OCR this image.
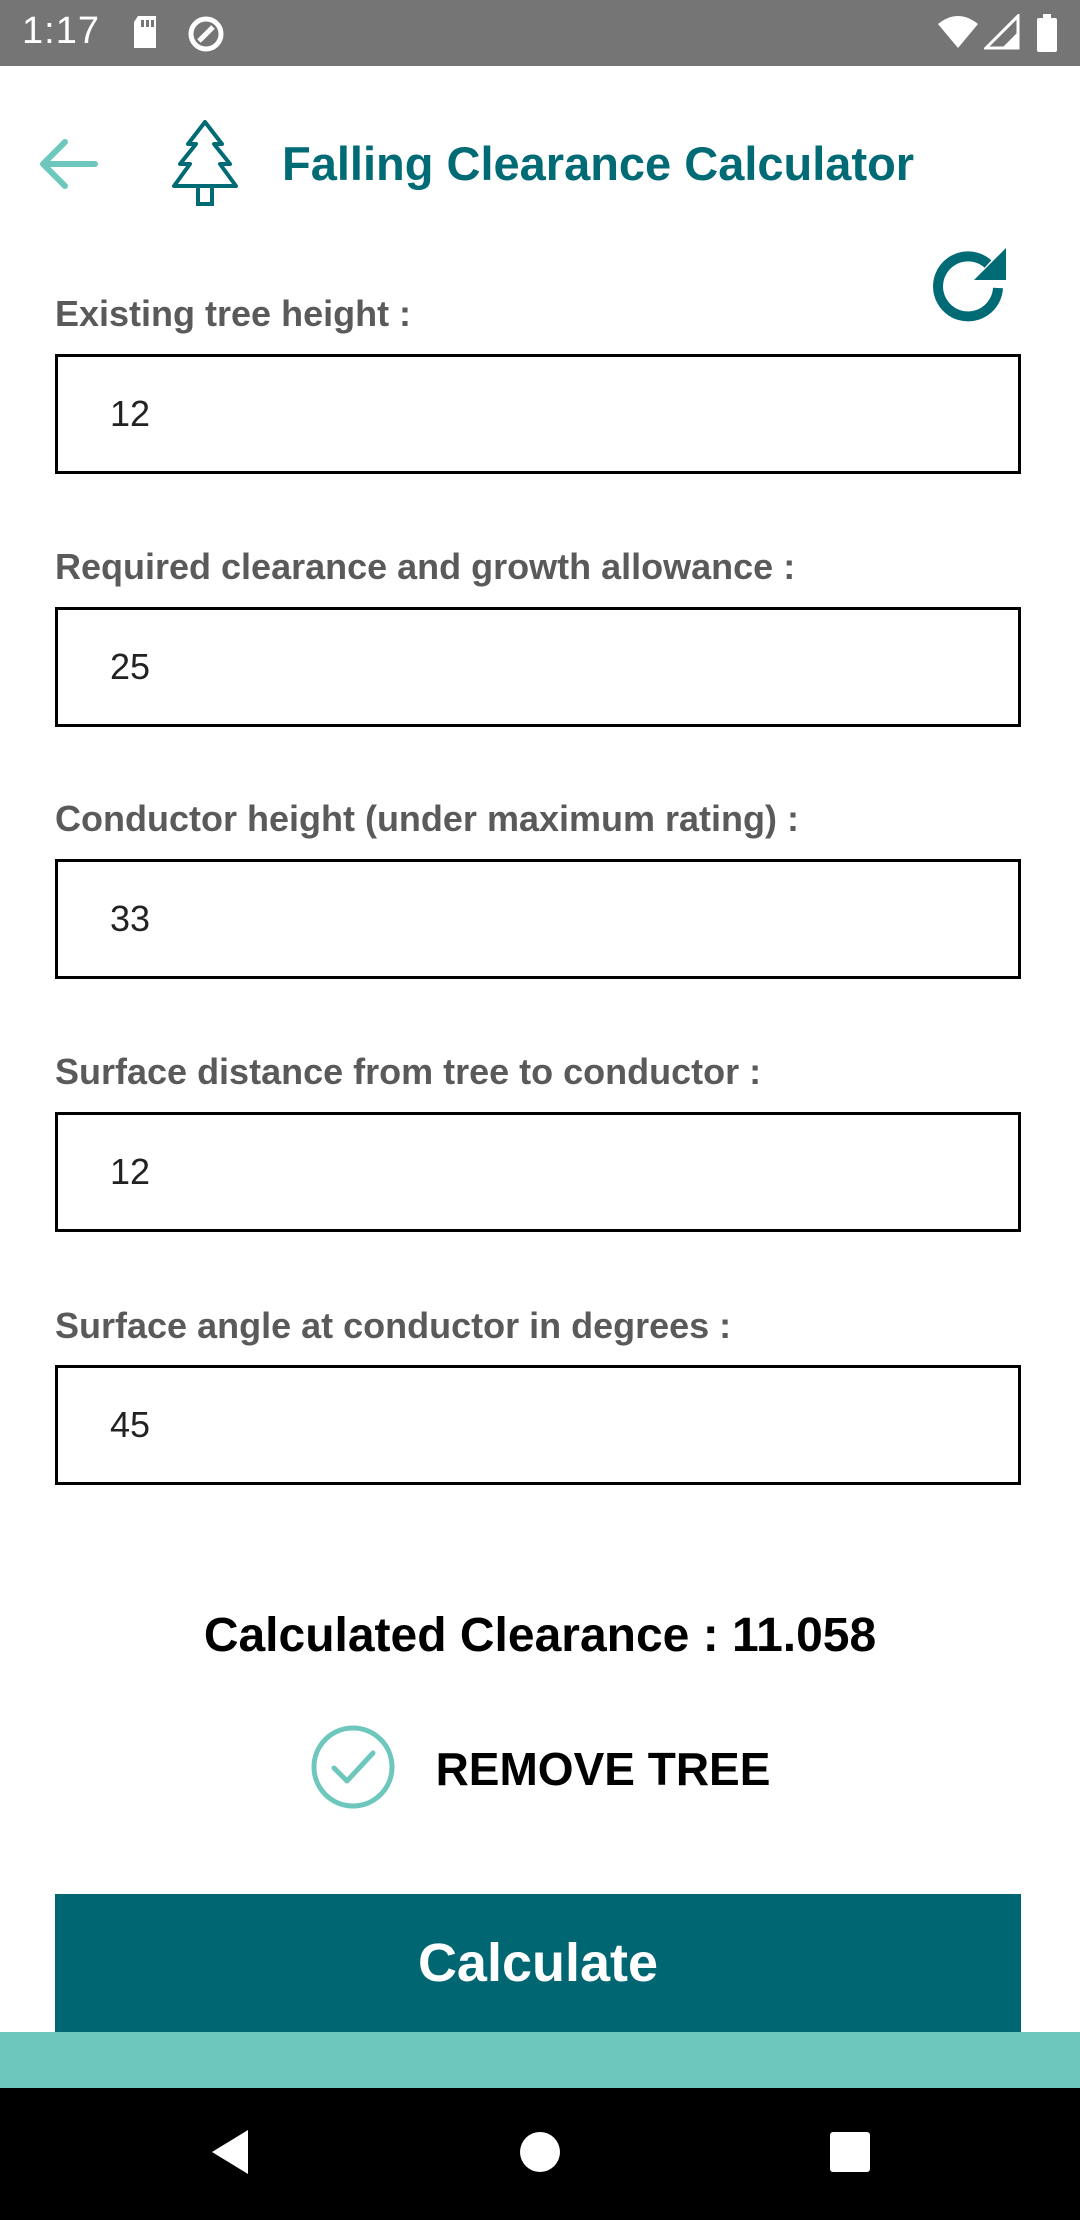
1:17
Falling Clearance Calculator
Existing tree height :
12
Required clearance and growth allowance :
25
Conductor height (under maximum rating) :
33
Surface distance from tree to conductor :
12
Surface angle at conductor in degrees :
45
Calculated Clearance : 11.058
REMOVE TREE
Calculate
